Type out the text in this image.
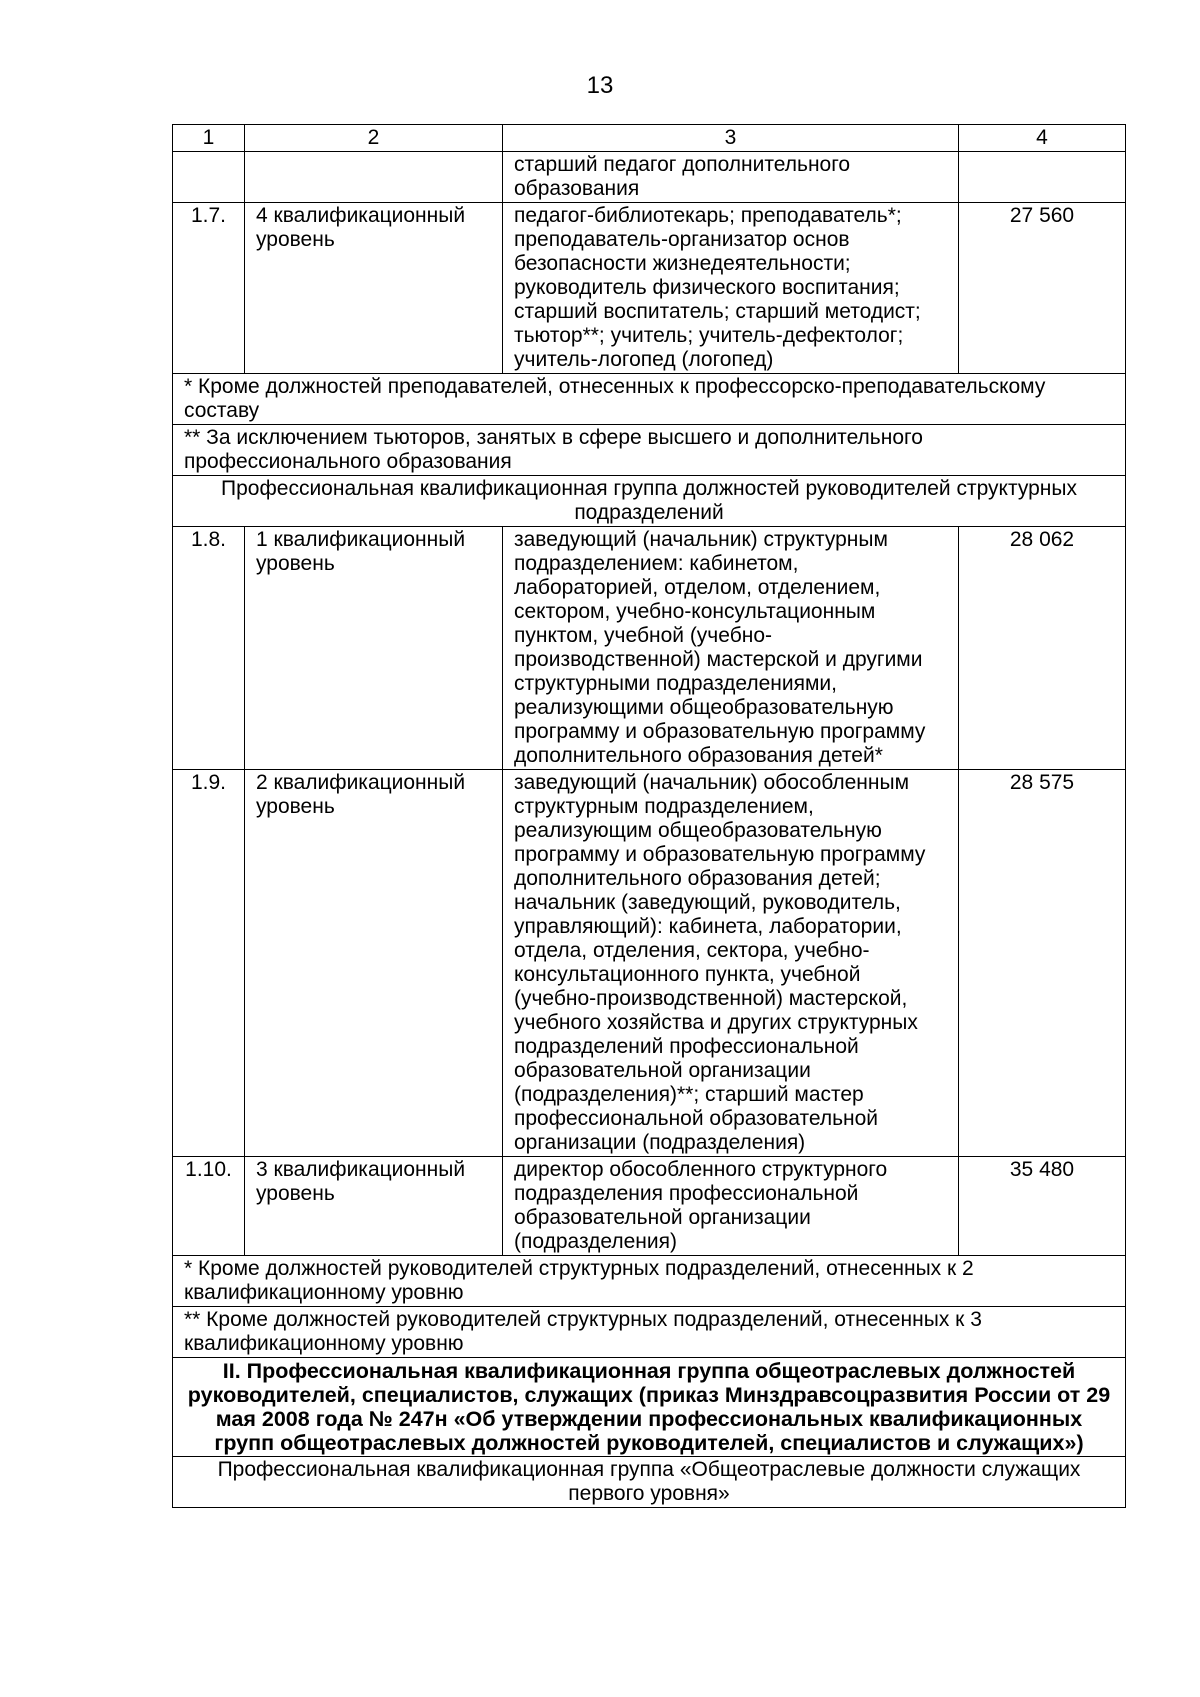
13
1	2	3	4
		старший педагог дополнительного образования	
1.7.	4 квалификационный уровень	педагог-библиотекарь; преподаватель*; преподаватель-организатор основ безопасности жизнедеятельности; руководитель физического воспитания; старший воспитатель; старший методист; тьютор**; учитель; учитель-дефектолог; учитель-логопед (логопед)	27 560
* Кроме должностей преподавателей, отнесенных к профессорско-преподавательскому составу			
** За исключением тьюторов, занятых в сфере высшего и дополнительного профессионального образования			
Профессиональная квалификационная группа должностей руководителей структурных подразделений			
1.8.	1 квалификационный уровень	заведующий (начальник) структурным подразделением: кабинетом, лабораторией, отделом, отделением, сектором, учебно-консультационным пунктом, учебной (учебно-производственной) мастерской и другими структурными подразделениями, реализующими общеобразовательную программу и образовательную программу дополнительного образования детей*	28 062
1.9.	2 квалификационный уровень	заведующий (начальник) обособленным структурным подразделением, реализующим общеобразовательную программу и образовательную программу дополнительного образования детей; начальник (заведующий, руководитель, управляющий): кабинета, лаборатории, отдела, отделения, сектора, учебно-консультационного пункта, учебной (учебно-производственной) мастерской, учебного хозяйства и других структурных подразделений профессиональной образовательной организации (подразделения)**; старший мастер профессиональной образовательной организации (подразделения)	28 575
1.10.	3 квалификационный уровень	директор обособленного структурного подразделения профессиональной образовательной организации (подразделения)	35 480
* Кроме должностей руководителей структурных подразделений, отнесенных к 2 квалификационному уровню			
** Кроме должностей руководителей структурных подразделений, отнесенных к 3 квалификационному уровню			
II. Профессиональная квалификационная группа общеотраслевых должностей руководителей, специалистов, служащих (приказ Минздравсоцразвития России от 29 мая 2008 года № 247н «Об утверждении профессиональных квалификационных групп общеотраслевых должностей руководителей, специалистов и служащих»)			
Профессиональная квалификационная группа «Общеотраслевые должности служащих первого уровня»			
